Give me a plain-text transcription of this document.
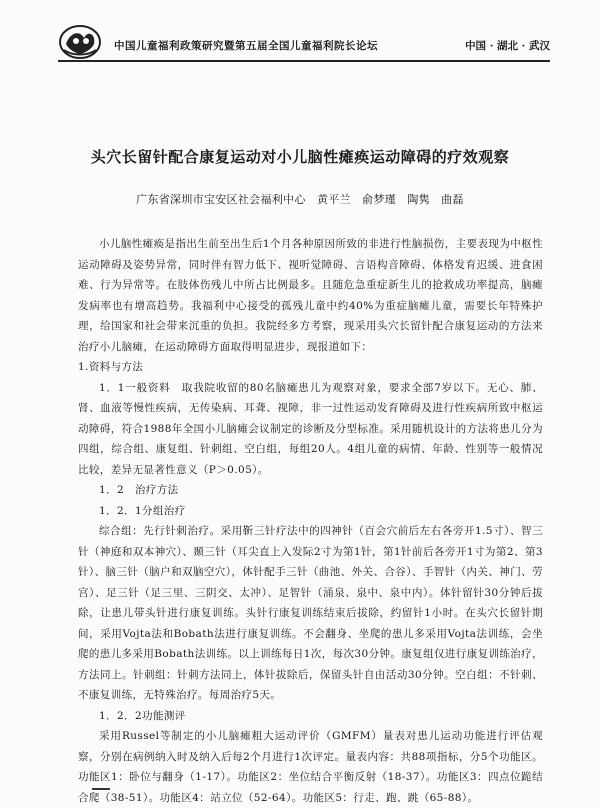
中国儿童福利政策研究暨第五届全国儿童福利院长论坛	中国 · 湖北 · 武汉
头穴长留针配合康复运动对小儿脑性瘫痪运动障碍的疗效观察
广东省深圳市宝安区社会福利中心　黄平兰　俞梦瑾　陶隽　曲磊

小儿脑性瘫痪是指出生前至出生后1个月各种原因所致的非进行性脑损伤，主要表现为中枢性运动障碍及姿势异常，同时伴有智力低下、视听觉障碍、言语构音障碍、体格发育迟缓、进食困难、行为异常等。在肢体伤残儿中所占比例最多。且随危急重症新生儿的抢救成功率提高，脑瘫发病率也有增高趋势。我福利中心接受的孤残儿童中约40%为重症脑瘫儿童，需要长年特殊护理，给国家和社会带来沉重的负担。我院经多方考察，现采用头穴长留针配合康复运动的方法来治疗小儿脑瘫，在运动障碍方面取得明显进步，现报道如下：

1.资料与方法

1．1一般资料　取我院收留的80名脑瘫患儿为观察对象，要求全部7岁以下。无心、肺、肾、血液等慢性疾病，无传染病、耳聋、视障，非一过性运动发育障碍及进行性疾病所致中枢运动障碍，符合1988年全国小儿脑瘫会议制定的诊断及分型标准。采用随机设计的方法将患儿分为四组，综合组、康复组、针刺组、空白组，每组20人。4组儿童的病情、年龄、性别等一般情况比较，差异无显著性意义（P＞0.05）。

1．2　治疗方法

1．2．1分组治疗

综合组：先行针刺治疗。采用靳三针疗法中的四神针（百会穴前后左右各旁开1.5寸）、智三针（神庭和双本神穴）、颞三针（耳尖直上入发际2寸为第1针，第1针前后各旁开1寸为第2、第3针）、脑三针（脑户和双脑空穴），体针配手三针（曲池、外关、合谷）、手智针（内关、神门、劳宫）、足三针（足三里、三阴交、太冲）、足智针（涌泉、泉中、泉中内）。体针留针30分钟后拔除，让患儿带头针进行康复训练。头针行康复训练结束后拔除，约留针1小时。在头穴长留针期间，采用Vojta法和Bobath法进行康复训练。不会翻身、坐爬的患儿多采用Vojta法训练，会坐爬的患儿多采用Bobath法训练。以上训练每日1次，每次30分钟。康复组仅进行康复训练治疗，方法同上。针刺组：针刺方法同上，体针拔除后，保留头针自由活动30分钟。空白组：不针刺、不康复训练，无特殊治疗。每周治疗5天。

1．2．2功能测评

采用Russel等制定的小儿脑瘫粗大运动评价（GMFM）量表对患儿运动功能进行评估观察，分别在病例纳入时及纳入后每2个月进行1次评定。量表内容：共88项指标，分5个功能区。功能区1：卧位与翻身（1-17）。功能区2：坐位结合平衡反射（18-37）。功能区3：四点位跪结合爬（38-51）。功能区4：站立位（52-64）。功能区5：行走、跑、跳（65-88）。
